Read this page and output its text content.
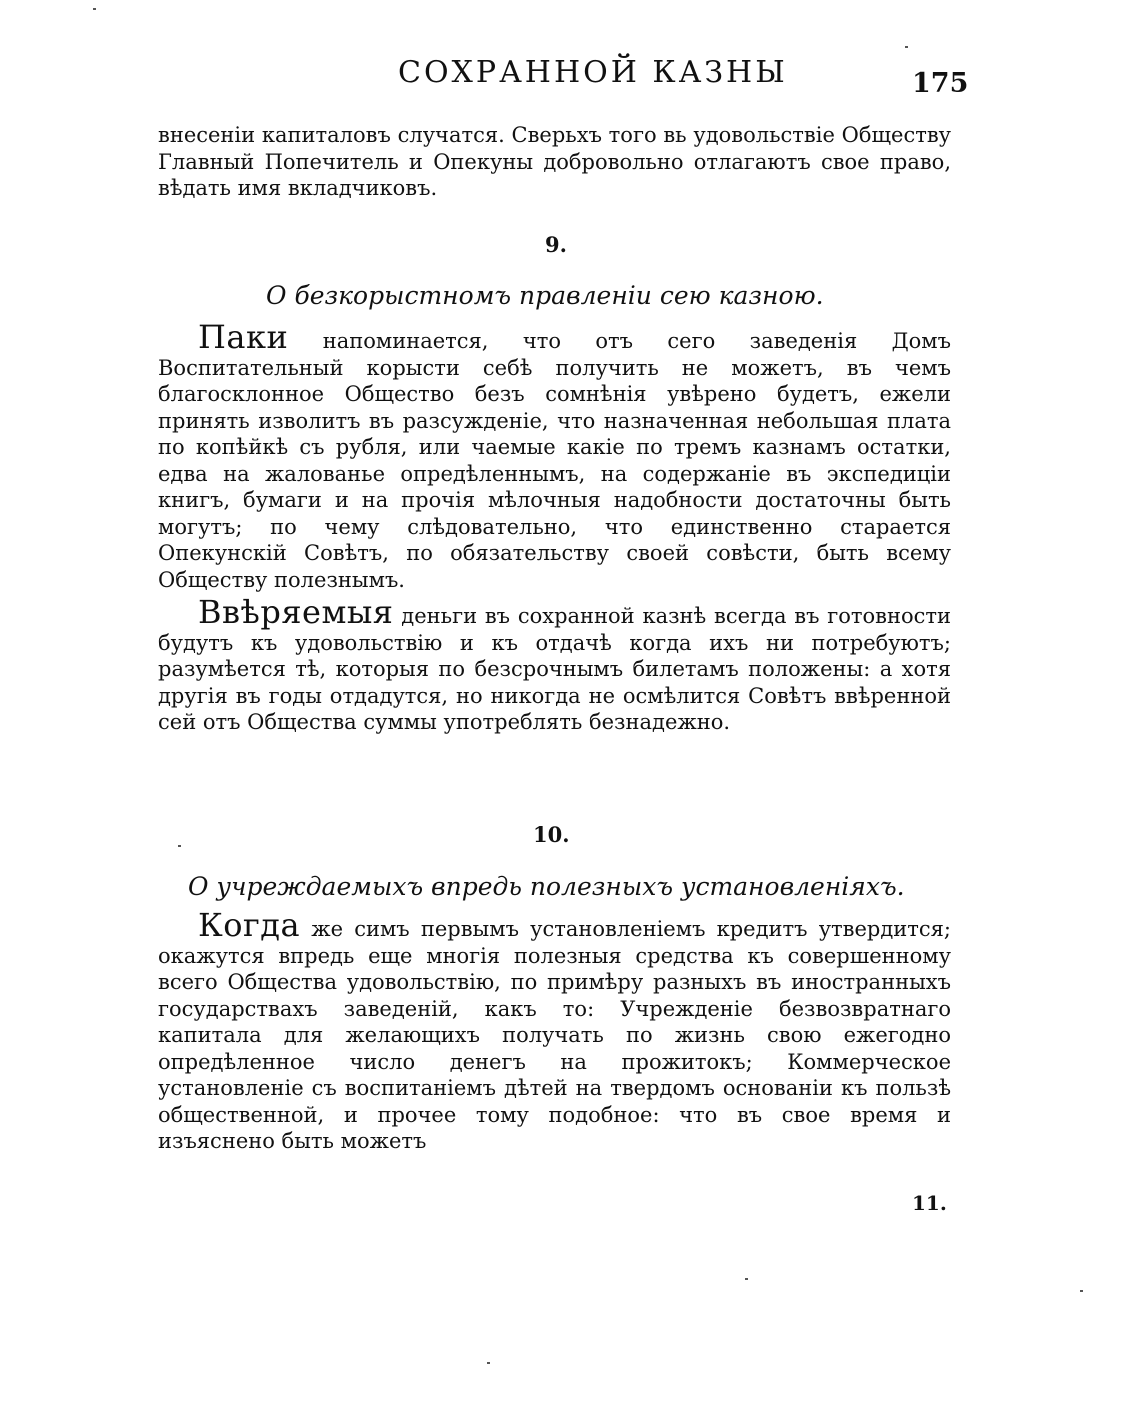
СОХРАННОЙ КАЗНЫ	175

внесенiи капиталовъ случатся. Сверьхъ того вь удовольствiе Обществу Главный Попечитель и Опекуны добровольно отлагаютъ свое право, вѣдать имя вкладчиковъ.

9.
О безкорыстномъ правленiи сею казною.

Паки напоминается, что отъ сего заведенiя Домъ Воспитательный корысти себѣ получить не можетъ, въ чемъ благосклонное Общество безъ сомнѣнiя увѣрено будетъ, ежели принять изволитъ въ разсужденiе, что назначенная небольшая плата по копѣйкѣ съ рубля, или чаемые какiе по тремъ казнамъ остатки, едва на жалованье опредѣленнымъ, на содержанiе въ экспедицiи книгъ, бумаги и на прочiя мѣлочныя надобности достаточны быть могутъ; по чему слѣдовательно, что единственно старается Опекунскiй Совѣтъ, по обязательству своей совѣсти, быть всему Обществу полезнымъ.

Ввѣряемыя деньги въ сохранной казнѣ всегда въ готовности будутъ къ удовольствiю и къ отдачѣ когда ихъ ни потребуютъ; разумѣется тѣ, которыя по безсрочнымъ билетамъ положены: а хотя другiя въ годы отдадутся, но никогда не осмѣлится Совѣтъ ввѣренной сей отъ Общества суммы употреблять безнадежно.

10.
О учреждаемыхъ впредь полезныхъ установленiяхъ.

Когда же симъ первымъ установленiемъ кредитъ утвердится; окажутся впредь еще многiя полезныя средства къ совершенному всего Общества удовольствiю, по примѣру разныхъ въ иностранныхъ государствахъ заведенiй, какъ то: Учрежденiе безвозвратнаго капитала для желающихъ получать по жизнь свою ежегодно опредѣленное число денегъ на прожитокъ; Коммерческое установленiе съ воспитанiемъ дѣтей на твердомъ основанiи къ пользѣ общественной, и прочее тому подобное: что въ свое время и изъяснено быть можетъ

11.
